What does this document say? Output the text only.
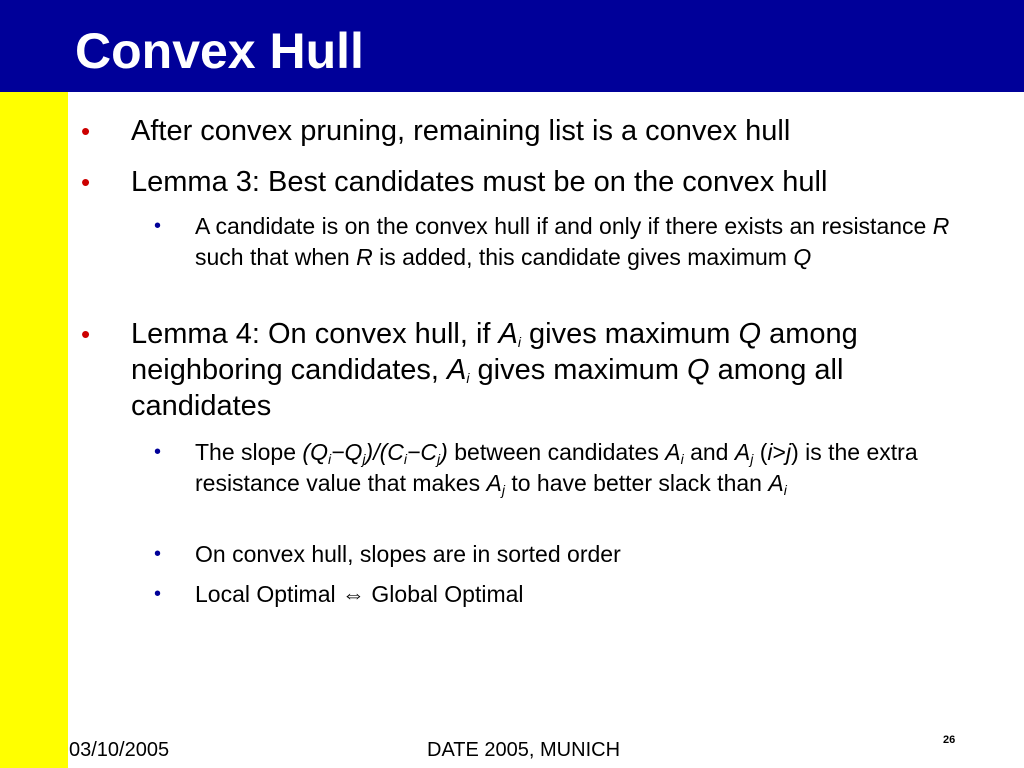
Convex Hull
• After convex pruning, remaining list is a convex hull
• Lemma 3: Best candidates must be on the convex hull
• A candidate is on the convex hull if and only if there exists an resistance R such that when R is added, this candidate gives maximum Q
• Lemma 4: On convex hull, if $A_i$ gives maximum Q among neighboring candidates, $A_i$ gives maximum Q among all candidates
• The slope $(Q_i-Q_j)/(C_i-C_j)$ between candidates $A_i$ and $A_j$ (i>j) is the extra resistance value that makes $A_j$ to have better slack than $A_i$
• On convex hull, slopes are in sorted order
• Local Optimal ⇔ Global Optimal
03/10/2005	DATE 2005, MUNICH	26
